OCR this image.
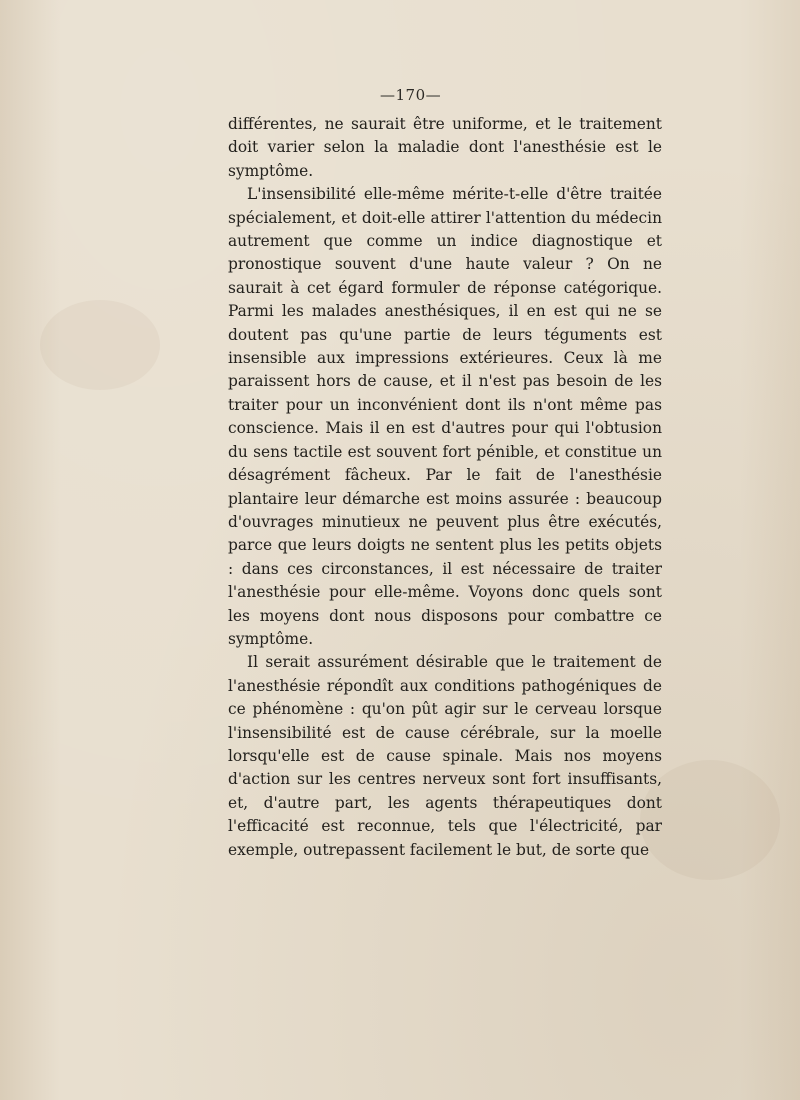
—170—

différentes, ne saurait être uniforme, et le traitement doit varier selon la maladie dont l'anesthésie est le symptôme.

L'insensibilité elle-même mérite-t-elle d'être traitée spécialement, et doit-elle attirer l'attention du médecin autrement que comme un indice diagnostique et pronostique souvent d'une haute valeur ? On ne saurait à cet égard formuler de réponse catégorique. Parmi les malades anesthésiques, il en est qui ne se doutent pas qu'une partie de leurs téguments est insensible aux impressions extérieures. Ceux là me paraissent hors de cause, et il n'est pas besoin de les traiter pour un inconvénient dont ils n'ont même pas conscience. Mais il en est d'autres pour qui l'obtusion du sens tactile est souvent fort pénible, et constitue un désagrément fâcheux. Par le fait de l'anesthésie plantaire leur démarche est moins assurée : beaucoup d'ouvrages minutieux ne peuvent plus être exécutés, parce que leurs doigts ne sentent plus les petits objets : dans ces circonstances, il est nécessaire de traiter l'anesthésie pour elle-même. Voyons donc quels sont les moyens dont nous disposons pour combattre ce symptôme.

Il serait assurément désirable que le traitement de l'anesthésie répondît aux conditions pathogéniques de ce phénomène : qu'on pût agir sur le cerveau lorsque l'insensibilité est de cause cérébrale, sur la moelle lorsqu'elle est de cause spinale. Mais nos moyens d'action sur les centres nerveux sont fort insuffisants, et, d'autre part, les agents thérapeutiques dont l'efficacité est reconnue, tels que l'électricité, par exemple, outrepassent facilement le but, de sorte que
